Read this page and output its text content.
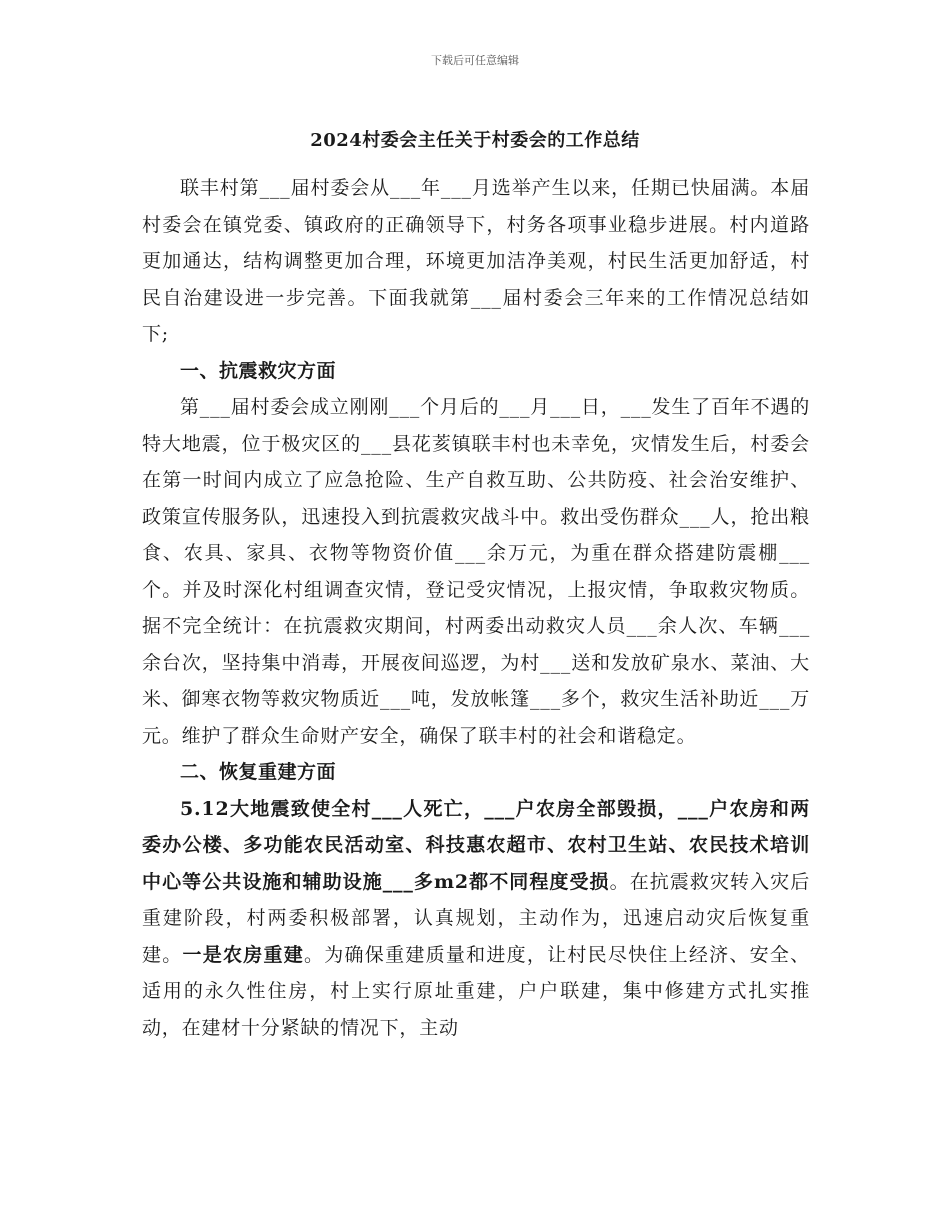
下载后可任意编辑
2024村委会主任关于村委会的工作总结

联丰村第___届村委会从___年___月选举产生以来，任期已快届满。本届村委会在镇党委、镇政府的正确领导下，村务各项事业稳步进展。村内道路更加通达，结构调整更加合理，环境更加洁净美观，村民生活更加舒适，村民自治建设进一步完善。下面我就第___届村委会三年来的工作情况总结如下;

一、抗震救灾方面

第___届村委会成立刚刚___个月后的___月___日，___发生了百年不遇的特大地震，位于极灾区的___县花荄镇联丰村也未幸免，灾情发生后，村委会在第一时间内成立了应急抢险、生产自救互助、公共防疫、社会治安维护、政策宣传服务队，迅速投入到抗震救灾战斗中。救出受伤群众___人，抢出粮食、农具、家具、衣物等物资价值___余万元，为重在群众搭建防震棚___个。并及时深化村组调查灾情，登记受灾情况，上报灾情，争取救灾物质。据不完全统计：在抗震救灾期间，村两委出动救灾人员___余人次、车辆___余台次，坚持集中消毒，开展夜间巡逻，为村___送和发放矿泉水、菜油、大米、御寒衣物等救灾物质近___吨，发放帐篷___多个，救灾生活补助近___万元。维护了群众生命财产安全，确保了联丰村的社会和谐稳定。

二、恢复重建方面

5.12大地震致使全村___人死亡，___户农房全部毁损，___户农房和两委办公楼、多功能农民活动室、科技惠农超市、农村卫生站、农民技术培训中心等公共设施和辅助设施___多m2都不同程度受损。在抗震救灾转入灾后重建阶段，村两委积极部署，认真规划，主动作为，迅速启动灾后恢复重建。一是农房重建。为确保重建质量和进度，让村民尽快住上经济、安全、适用的永久性住房，村上实行原址重建，户户联建，集中修建方式扎实推动，在建材十分紧缺的情况下，主动
